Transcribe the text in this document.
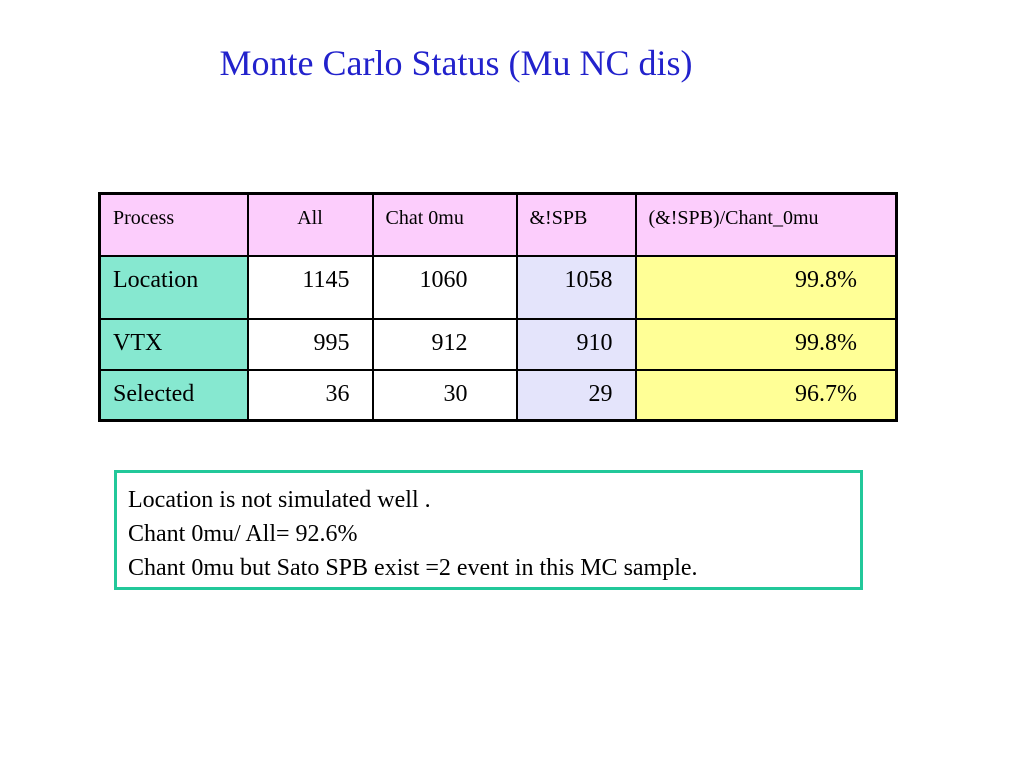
Monte Carlo Status (Mu NC dis)
Process	All	Chat 0mu	&!SPB	(&!SPB)/Chant_0mu
Location	1145	1060	1058	99.8%
VTX	995	912	910	99.8%
Selected	36	30	29	96.7%
Location is not simulated well .
Chant 0mu/ All= 92.6%
Chant 0mu but Sato SPB exist =2 event in this MC sample.
